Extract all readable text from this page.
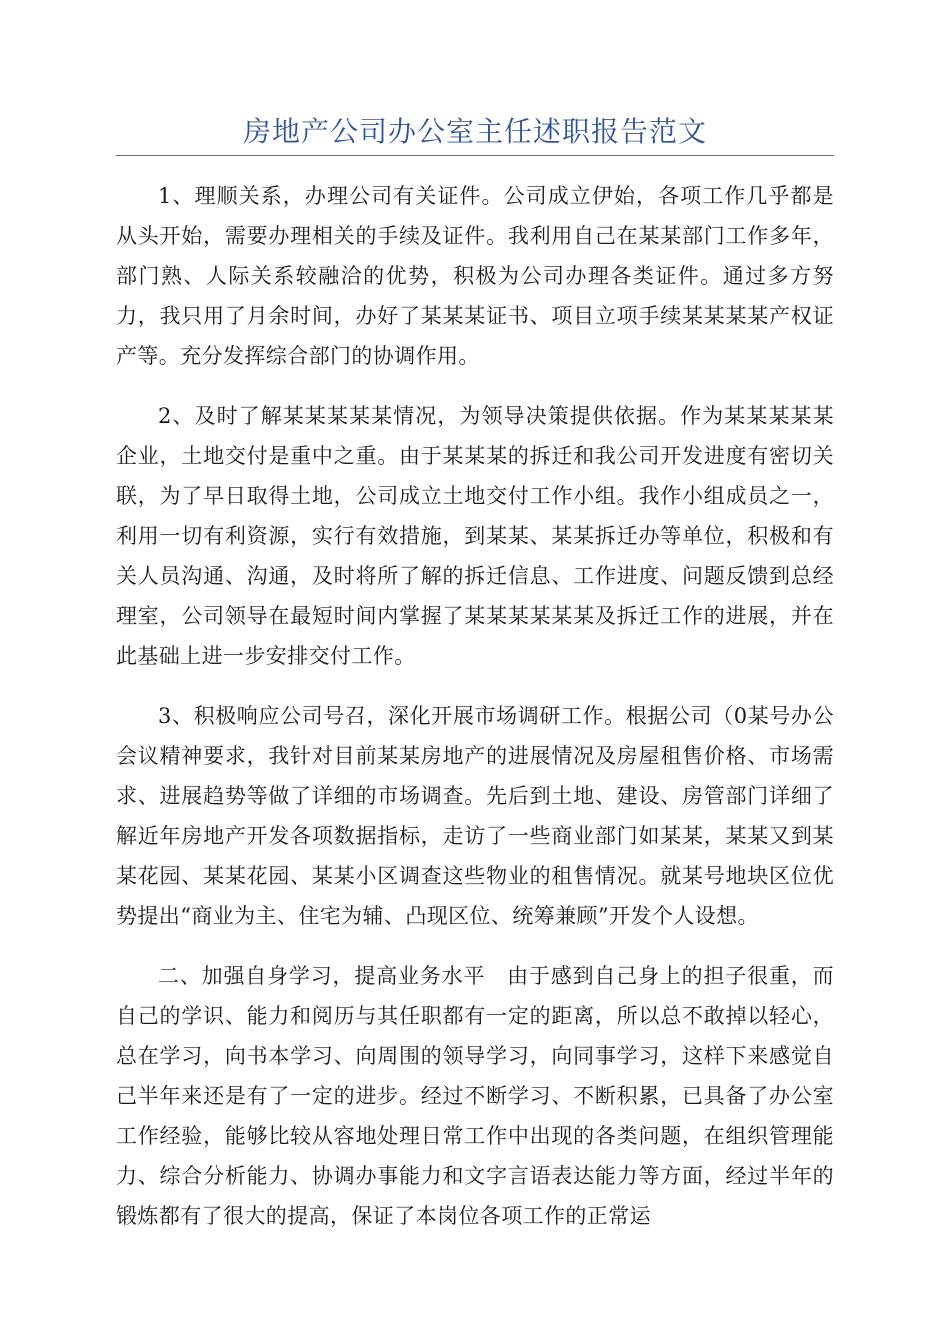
房地产公司办公室主任述职报告范文

1、理顺关系，办理公司有关证件。公司成立伊始，各项工作几乎都是从头开始，需要办理相关的手续及证件。我利用自己在某某部门工作多年，部门熟、人际关系较融洽的优势，积极为公司办理各类证件。通过多方努力，我只用了月余时间，办好了某某某证书、项目立项手续某某某某产权证产等。充分发挥综合部门的协调作用。

2、及时了解某某某某某情况，为领导决策提供依据。作为某某某某某企业，土地交付是重中之重。由于某某某的拆迁和我公司开发进度有密切关联，为了早日取得土地，公司成立土地交付工作小组。我作小组成员之一，利用一切有利资源，实行有效措施，到某某、某某拆迁办等单位，积极和有关人员沟通、沟通，及时将所了解的拆迁信息、工作进度、问题反馈到总经理室，公司领导在最短时间内掌握了某某某某某某及拆迁工作的进展，并在此基础上进一步安排交付工作。

3、积极响应公司号召，深化开展市场调研工作。根据公司（0某号办公会议精神要求，我针对目前某某房地产的进展情况及房屋租售价格、市场需求、进展趋势等做了详细的市场调查。先后到土地、建设、房管部门详细了解近年房地产开发各项数据指标，走访了一些商业部门如某某，某某又到某某花园、某某花园、某某小区调查这些物业的租售情况。就某号地块区位优势提出“商业为主、住宅为辅、凸现区位、统筹兼顾”开发个人设想。

二、加强自身学习，提高业务水平　由于感到自己身上的担子很重，而自己的学识、能力和阅历与其任职都有一定的距离，所以总不敢掉以轻心，总在学习，向书本学习、向周围的领导学习，向同事学习，这样下来感觉自己半年来还是有了一定的进步。经过不断学习、不断积累，已具备了办公室工作经验，能够比较从容地处理日常工作中出现的各类问题，在组织管理能力、综合分析能力、协调办事能力和文字言语表达能力等方面，经过半年的锻炼都有了很大的提高，保证了本岗位各项工作的正常运
